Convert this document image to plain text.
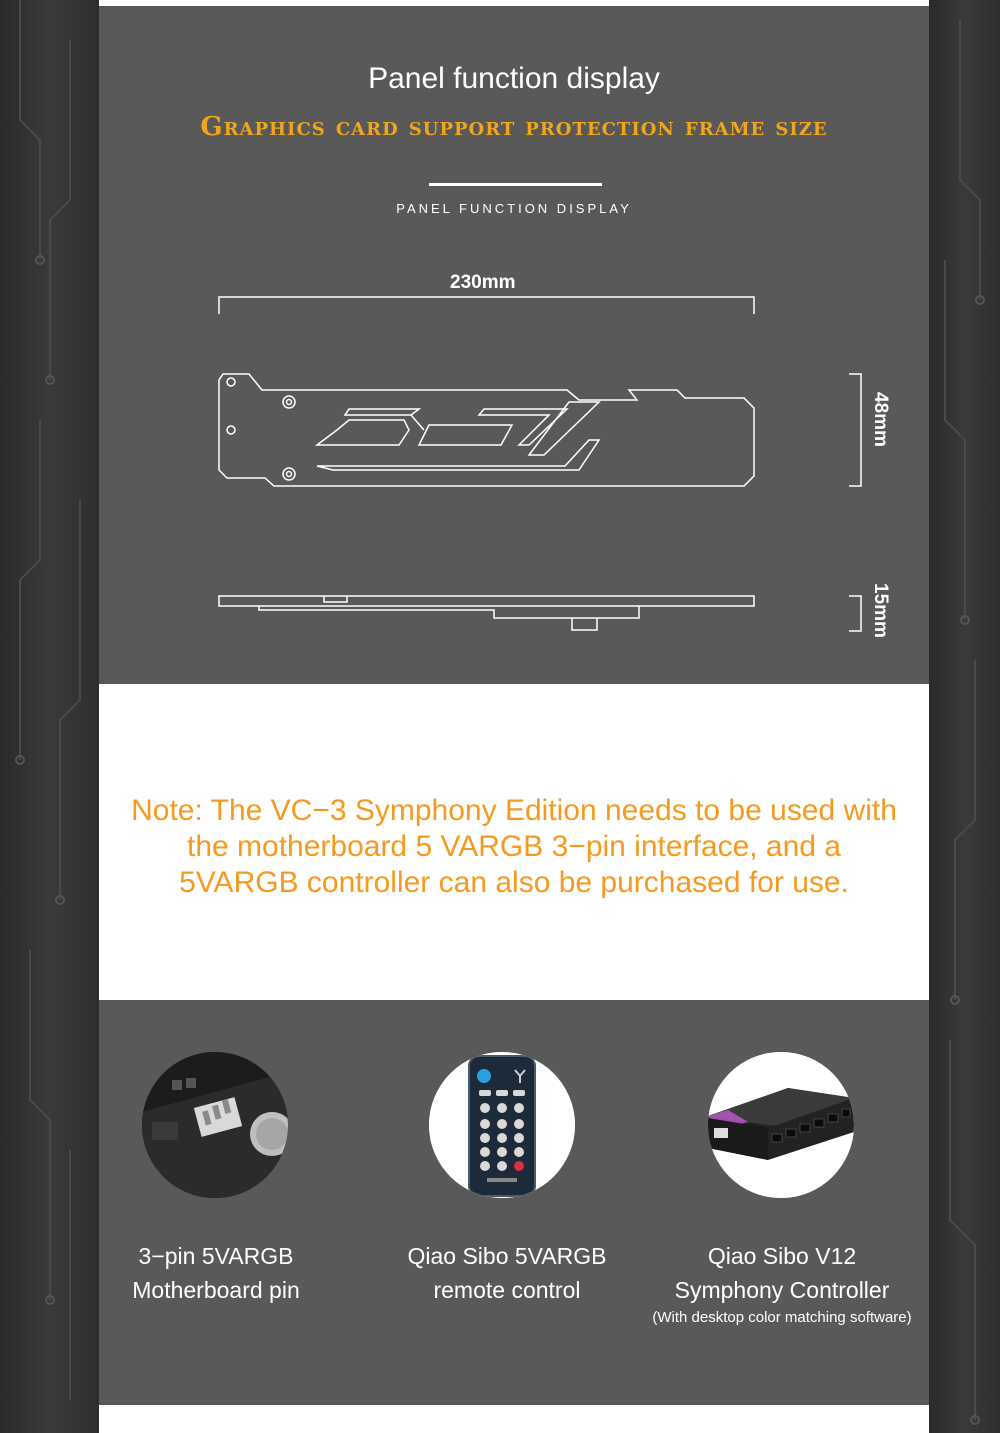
Panel function display
Graphics card support protection frame size
PANEL FUNCTION DISPLAY
230mm
48mm
15mm
Note: The VC−3 Symphony Edition needs to be used with
the motherboard 5 VARGB 3−pin interface, and a
5VARGB controller can also be purchased for use.
3−pin 5VARGB
Motherboard pin
Qiao Sibo 5VARGB
remote control
Qiao Sibo V12
Symphony Controller
(With desktop color matching software)
